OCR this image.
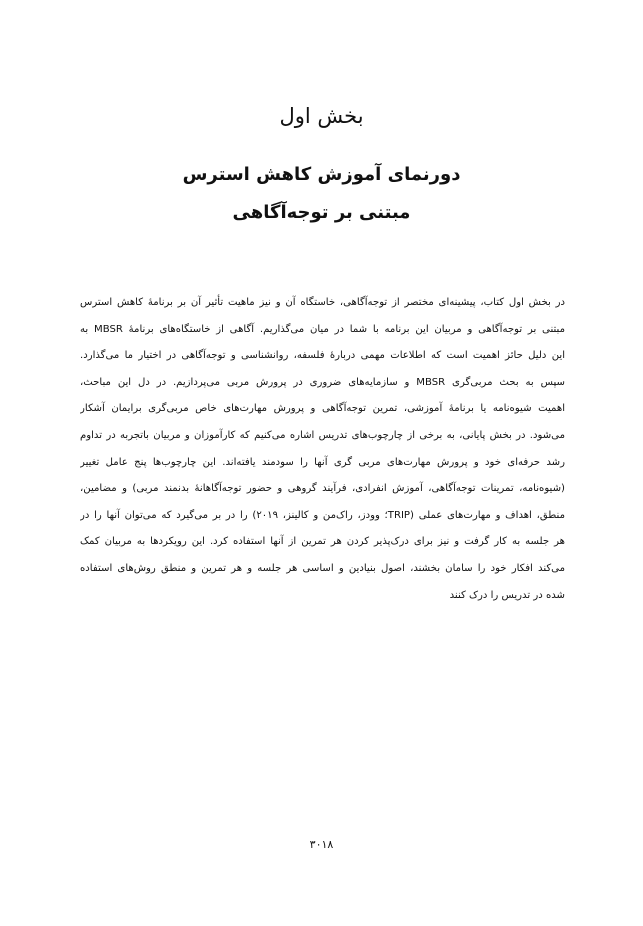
بخش اول
دورنمای آموزش کاهش استرس
مبتنی بر توجه‌آگاهی
در بخش اول کتاب، پیشینه‌ای مختصر از توجه‌آگاهی، خاستگاه آن و نیز ماهیت تأثیر آن بر برنامۀ کاهش استرس
مبتنی بر توجه‌آگاهی و مربیان این برنامه با شما در میان می‌گذاریم. آگاهی از خاستگاه‌های برنامۀ MBSR به
این دلیل حائز اهمیت است که اطلاعات مهمی دربارۀ فلسفه، روانشناسی و توجه‌آگاهی در اختیار ما می‌گذارد.
سپس به بحث مربی‌گری MBSR و سازمایه‌های ضروری در پرورش مربی می‌پردازیم. در دل این مباحث،
اهمیت شیوه‌نامه یا برنامۀ آموزشی، تمرین توجه‌آگاهی و پرورش مهارت‌های خاص مربی‌گری برایمان آشکار
می‌شود. در بخش پایانی، به برخی از چارچوب‌های تدریس اشاره می‌کنیم که کارآموزان و مربیان باتجربه در تداوم
رشد حرفه‌ای خود و پرورش مهارت‌های مربی گری آنها را سودمند یافته‌اند. این چارچوب‌ها پنج عامل تغییر
(شیوه‌نامه، تمرینات توجه‌آگاهی، آموزش انفرادی، فرآیند گروهی و حضور توجه‌آگاهانۀ بدنمند مربی) و مضامین،
منطق، اهداف و مهارت‌های عملی (TRIP؛ وودز، راک‌من و کالینز، ۲۰۱۹) را در بر می‌گیرد که می‌توان آنها را در
هر جلسه به کار گرفت و نیز برای درک‌پذیر کردن هر تمرین از آنها استفاده کرد. این رویکردها به مربیان کمک
می‌کند افکار خود را سامان بخشند، اصول بنیادین و اساسی هر جلسه و هر تمرین و منطق روش‌های استفاده
شده در تدریس را درک کنند
۳۰۱۸
